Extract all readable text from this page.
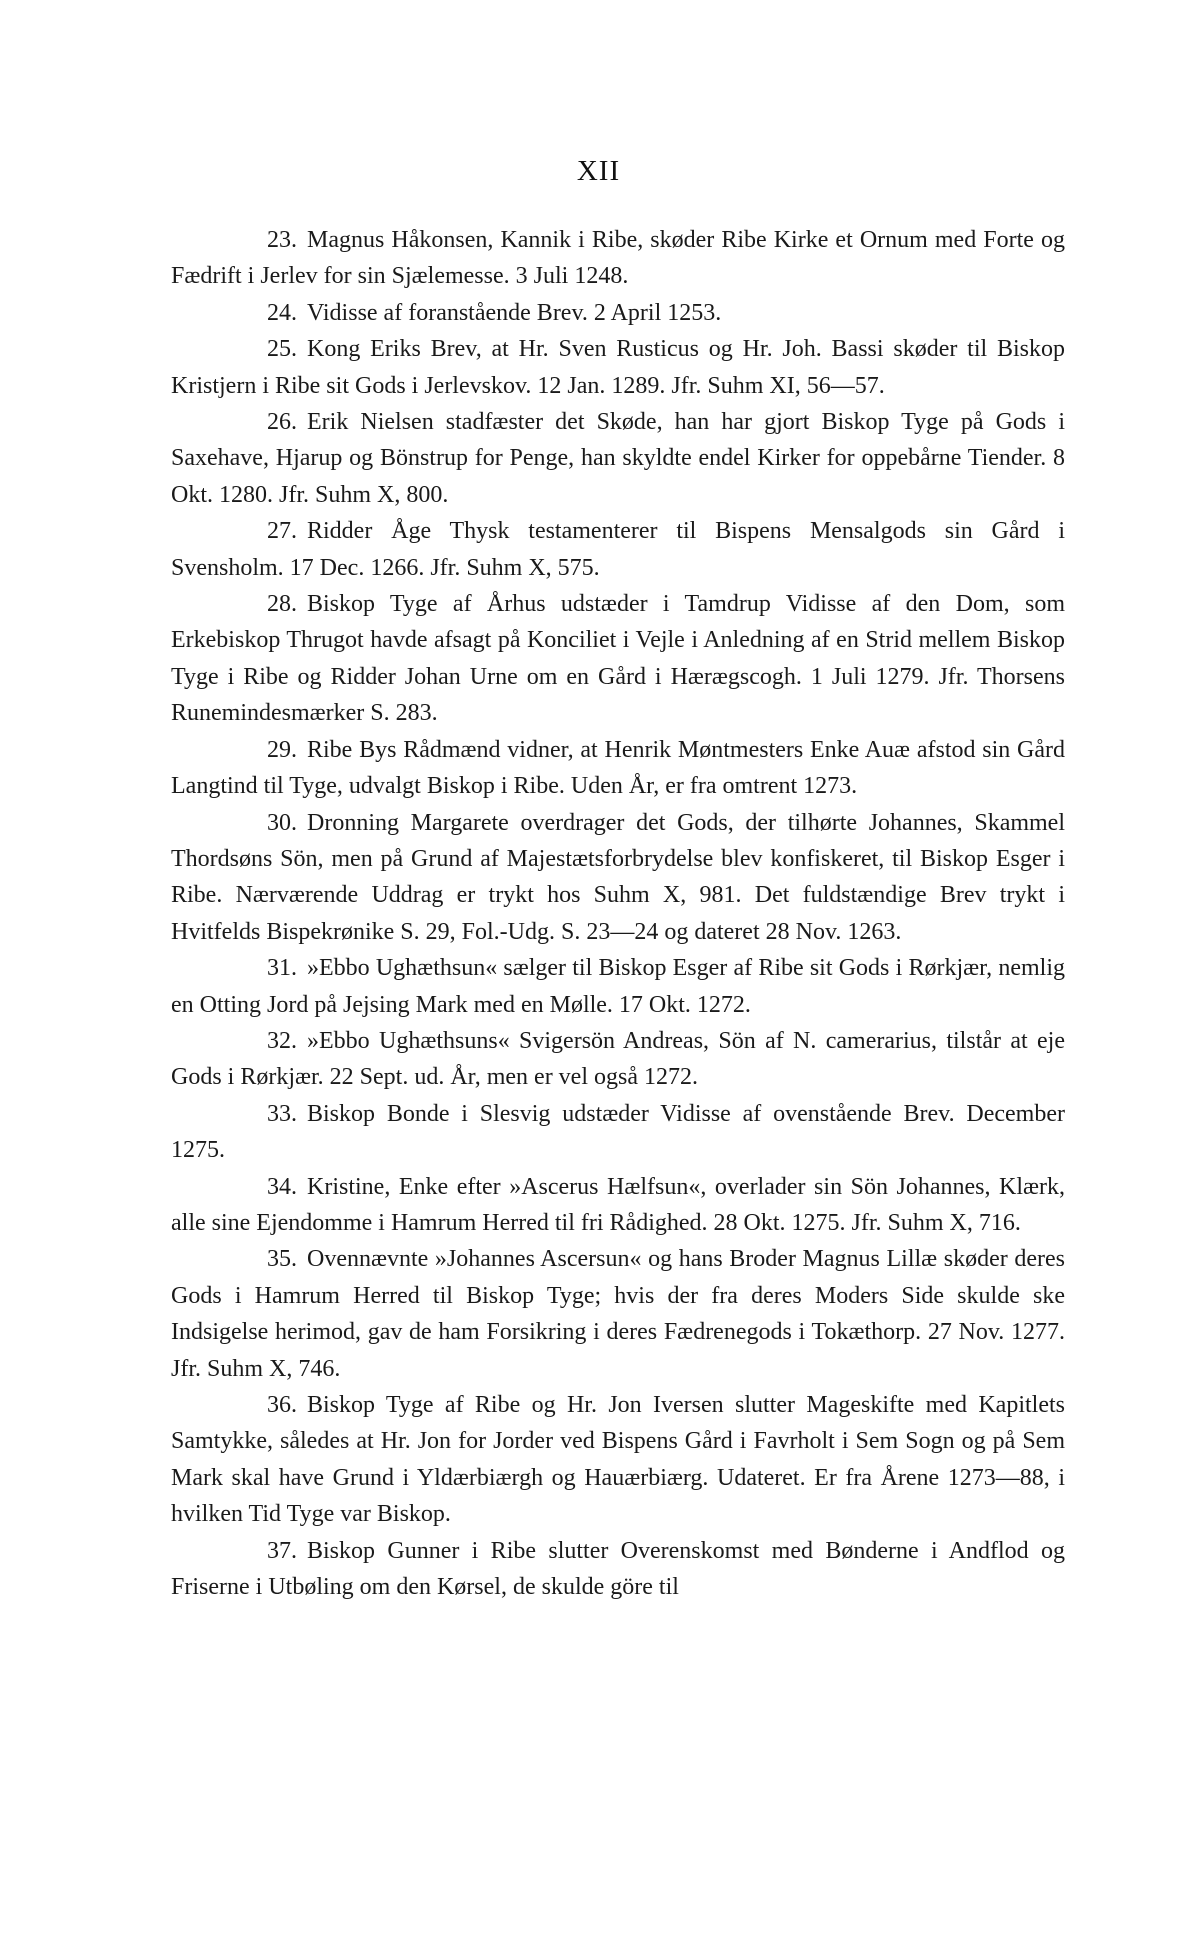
XII

23. Magnus Håkonsen, Kannik i Ribe, skøder Ribe Kirke et Ornum med Forte og Fædrift i Jerlev for sin Sjælemesse. 3 Juli 1248.

24. Vidisse af foranstående Brev. 2 April 1253.

25. Kong Eriks Brev, at Hr. Sven Rusticus og Hr. Joh. Bassi skøder til Biskop Kristjern i Ribe sit Gods i Jerlevskov. 12 Jan. 1289. Jfr. Suhm XI, 56—57.

26. Erik Nielsen stadfæster det Skøde, han har gjort Biskop Tyge på Gods i Saxehave, Hjarup og Bönstrup for Penge, han skyldte endel Kirker for oppebårne Tiender. 8 Okt. 1280. Jfr. Suhm X, 800.

27. Ridder Åge Thysk testamenterer til Bispens Mensalgods sin Gård i Svensholm. 17 Dec. 1266. Jfr. Suhm X, 575.

28. Biskop Tyge af Århus udstæder i Tamdrup Vidisse af den Dom, som Erkebiskop Thrugot havde afsagt på Konciliet i Vejle i Anledning af en Strid mellem Biskop Tyge i Ribe og Ridder Johan Urne om en Gård i Hærægscogh. 1 Juli 1279. Jfr. Thorsens Runemindesmærker S. 283.

29. Ribe Bys Rådmænd vidner, at Henrik Møntmesters Enke Auæ afstod sin Gård Langtind til Tyge, udvalgt Biskop i Ribe. Uden År, er fra omtrent 1273.

30. Dronning Margarete overdrager det Gods, der tilhørte Johannes, Skammel Thordsøns Sön, men på Grund af Majestætsforbrydelse blev konfiskeret, til Biskop Esger i Ribe. Nærværende Uddrag er trykt hos Suhm X, 981. Det fuldstændige Brev trykt i Hvitfelds Bispekrønike S. 29, Fol.-Udg. S. 23—24 og dateret 28 Nov. 1263.

31. »Ebbo Ughæthsun« sælger til Biskop Esger af Ribe sit Gods i Rørkjær, nemlig en Otting Jord på Jejsing Mark med en Mølle. 17 Okt. 1272.

32. »Ebbo Ughæthsuns« Svigersön Andreas, Sön af N. camerarius, tilstår at eje Gods i Rørkjær. 22 Sept. ud. År, men er vel også 1272.

33. Biskop Bonde i Slesvig udstæder Vidisse af ovenstående Brev. December 1275.

34. Kristine, Enke efter »Ascerus Hælfsun«, overlader sin Sön Johannes, Klærk, alle sine Ejendomme i Hamrum Herred til fri Rådighed. 28 Okt. 1275. Jfr. Suhm X, 716.

35. Ovennævnte »Johannes Ascersun« og hans Broder Magnus Lillæ skøder deres Gods i Hamrum Herred til Biskop Tyge; hvis der fra deres Moders Side skulde ske Indsigelse herimod, gav de ham Forsikring i deres Fædrenegods i Tokæthorp. 27 Nov. 1277. Jfr. Suhm X, 746.

36. Biskop Tyge af Ribe og Hr. Jon Iversen slutter Mageskifte med Kapitlets Samtykke, således at Hr. Jon for Jorder ved Bispens Gård i Favrholt i Sem Sogn og på Sem Mark skal have Grund i Yldærbiærgh og Hauærbiærg. Udateret. Er fra Årene 1273—88, i hvilken Tid Tyge var Biskop.

37. Biskop Gunner i Ribe slutter Overenskomst med Bønderne i Andflod og Friserne i Utbøling om den Kørsel, de skulde göre til
